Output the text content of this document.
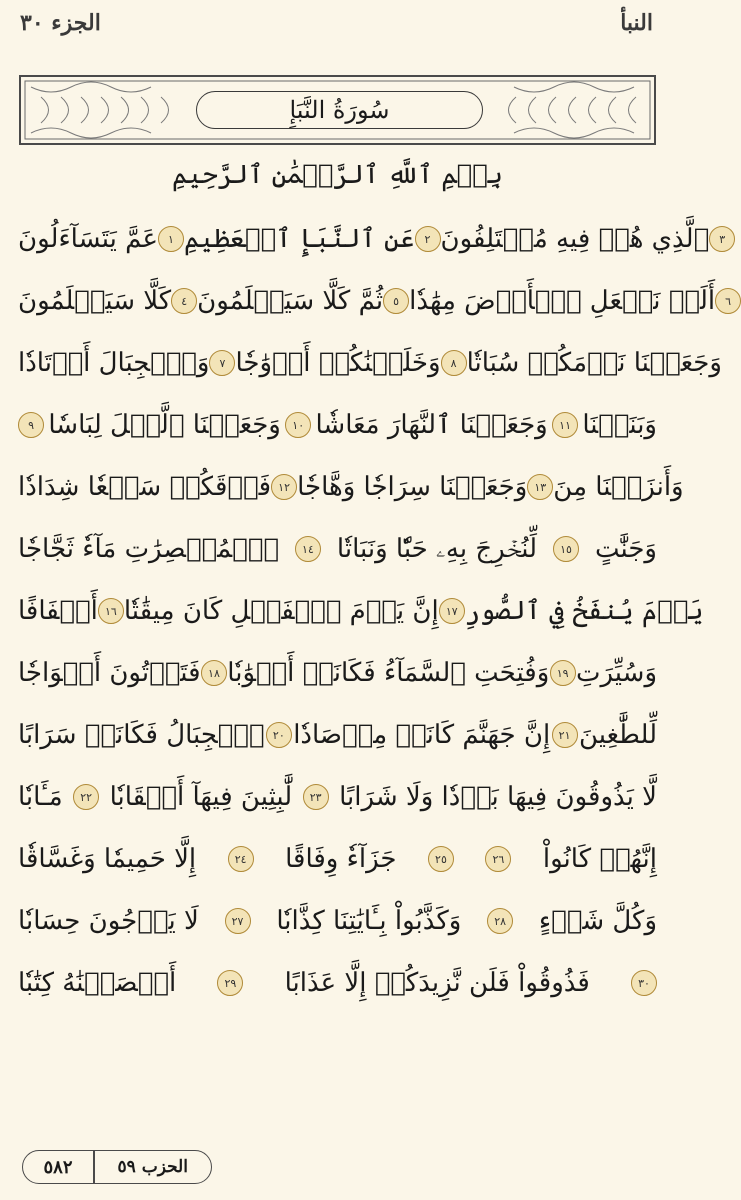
الجزء ٣٠	النبأ
سُورَةُ النَّبَإِ
بِسۡمِ ٱللَّهِ ٱلرَّحۡمَٰنِ ٱلرَّحِيمِ
عَمَّ يَتَسَآءَلُونَ ١ عَنِ ٱلنَّبَإِ ٱلۡعَظِيمِ ٢ ٱلَّذِي هُمۡ فِيهِ مُخۡتَلِفُونَ ٣
كَلَّا سَيَعۡلَمُونَ ٤ ثُمَّ كَلَّا سَيَعۡلَمُونَ ٥ أَلَمۡ نَجۡعَلِ ٱلۡأَرۡضَ مِهَٰدٗا ٦
وَٱلۡجِبَالَ أَوۡتَادٗا ٧ وَخَلَقۡنَٰكُمۡ أَزۡوَٰجٗا ٨ وَجَعَلۡنَا نَوۡمَكُمۡ سُبَاتٗا
٩ وَجَعَلۡنَا ٱلَّيۡلَ لِبَاسٗا	١٠ وَجَعَلۡنَا ٱلنَّهَارَ مَعَاشٗا	١١ وَبَنَيۡنَا
فَوۡقَكُمۡ سَبۡعٗا شِدَادٗا ١٢ وَجَعَلۡنَا سِرَاجٗا وَهَّاجٗا ١٣ وَأَنزَلۡنَا مِنَ
ٱلۡمُعۡصِرَٰتِ مَآءٗ ثَجَّاجٗا	١٤ لِّنُخۡرِجَ بِهِۦ حَبّٗا وَنَبَاتٗا	١٥ وَجَنَّٰتٍ
أَلۡفَافًا ١٦ إِنَّ يَوۡمَ ٱلۡفَصۡلِ كَانَ مِيقَٰتٗا ١٧ يَوۡمَ يُنفَخُ فِي ٱلصُّورِ
فَتَأۡتُونَ أَفۡوَاجٗا ١٨ وَفُتِحَتِ ٱلسَّمَآءُ فَكَانَتۡ أَبۡوَٰبٗا ١٩ وَسُيِّرَتِ
ٱلۡجِبَالُ فَكَانَتۡ سَرَابًا ٢٠ إِنَّ جَهَنَّمَ كَانَتۡ مِرۡصَادٗا ٢١ لِّلطَّٰغِينَ
مَـَٔابٗا	٢٢ لَّٰبِثِينَ فِيهَآ أَحۡقَابٗا	٢٣ لَّا يَذُوقُونَ فِيهَا بَرۡدٗا وَلَا شَرَابًا
إِلَّا حَمِيمٗا وَغَسَّاقٗا	٢٤ جَزَآءٗ وِفَاقًا	٢٥	٢٦ إِنَّهُمۡ كَانُواْ
لَا يَرۡجُونَ حِسَابٗا	٢٧ وَكَذَّبُواْ بِـَٔايَٰتِنَا كِذَّابٗا	٢٨ وَكُلَّ شَيۡءٍ
أَحۡصَيۡنَٰهُ كِتَٰبٗا	٢٩ فَذُوقُواْ فَلَن نَّزِيدَكُمۡ إِلَّا عَذَابًا	٣٠
الحزب ٥٩
٥٨٢
